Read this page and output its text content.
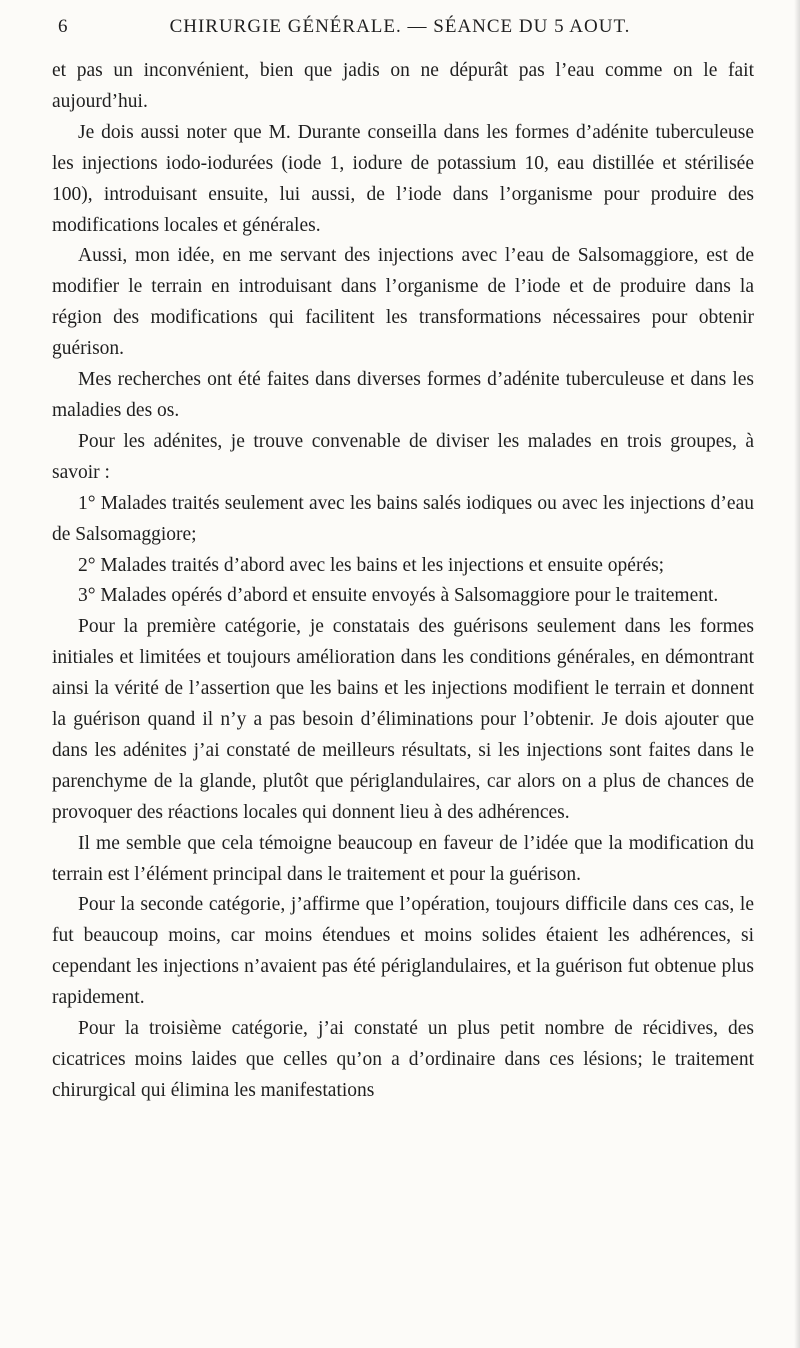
6	CHIRURGIE GÉNÉRALE. — SÉANCE DU 5 AOUT.

et pas un inconvénient, bien que jadis on ne dépurât pas l’eau comme on le fait aujourd’hui.

Je dois aussi noter que M. Durante conseilla dans les formes d’adénite tuberculeuse les injections iodo-iodurées (iode 1, iodure de potassium 10, eau distillée et stérilisée 100), introduisant ensuite, lui aussi, de l’iode dans l’organisme pour produire des modifications locales et générales.

Aussi, mon idée, en me servant des injections avec l’eau de Salsomaggiore, est de modifier le terrain en introduisant dans l’organisme de l’iode et de produire dans la région des modifications qui facilitent les transformations nécessaires pour obtenir guérison.

Mes recherches ont été faites dans diverses formes d’adénite tuberculeuse et dans les maladies des os.

Pour les adénites, je trouve convenable de diviser les malades en trois groupes, à savoir :

1° Malades traités seulement avec les bains salés iodiques ou avec les injections d’eau de Salsomaggiore;

2° Malades traités d’abord avec les bains et les injections et ensuite opérés;

3° Malades opérés d’abord et ensuite envoyés à Salsomaggiore pour le traitement.

Pour la première catégorie, je constatais des guérisons seulement dans les formes initiales et limitées et toujours amélioration dans les conditions générales, en démontrant ainsi la vérité de l’assertion que les bains et les injections modifient le terrain et donnent la guérison quand il n’y a pas besoin d’éliminations pour l’obtenir. Je dois ajouter que dans les adénites j’ai constaté de meilleurs résultats, si les injections sont faites dans le parenchyme de la glande, plutôt que périglandulaires, car alors on a plus de chances de provoquer des réactions locales qui donnent lieu à des adhérences.

Il me semble que cela témoigne beaucoup en faveur de l’idée que la modification du terrain est l’élément principal dans le traitement et pour la guérison.

Pour la seconde catégorie, j’affirme que l’opération, toujours difficile dans ces cas, le fut beaucoup moins, car moins étendues et moins solides étaient les adhérences, si cependant les injections n’avaient pas été périglandulaires, et la guérison fut obtenue plus rapidement.

Pour la troisième catégorie, j’ai constaté un plus petit nombre de récidives, des cicatrices moins laides que celles qu’on a d’ordinaire dans ces lésions; le traitement chirurgical qui élimina les manifestations
